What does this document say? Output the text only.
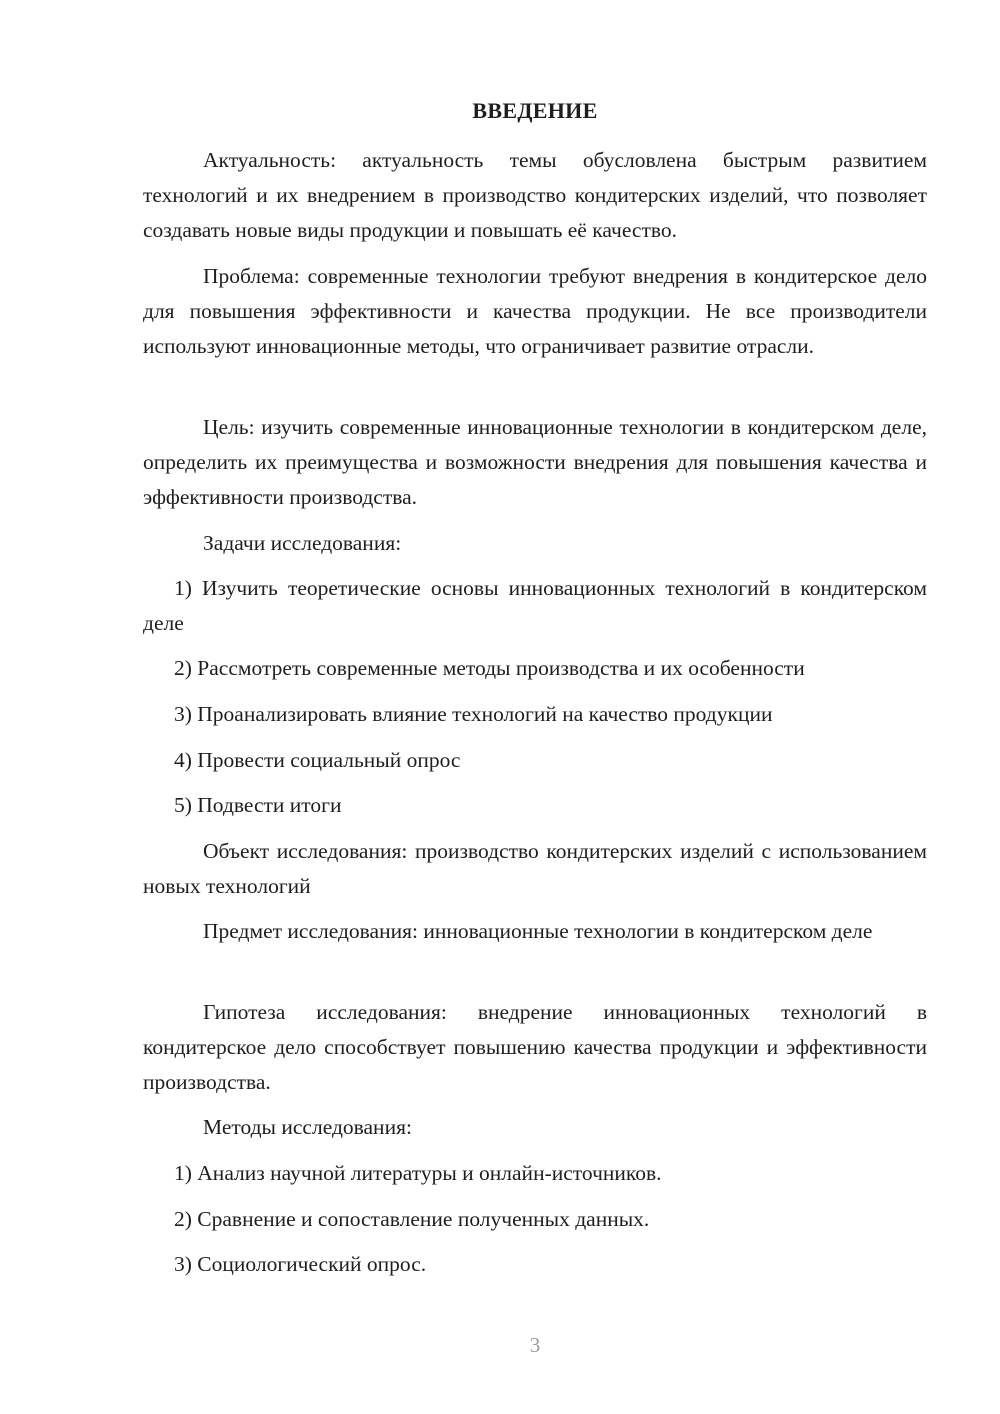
ВВЕДЕНИЕ

Актуальность: актуальность темы обусловлена быстрым развитием технологий и их внедрением в производство кондитерских изделий, что позволяет создавать новые виды продукции и повышать её качество.

Проблема: современные технологии требуют внедрения в кондитерское дело для повышения эффективности и качества продукции. Не все производители используют инновационные методы, что ограничивает развитие отрасли.

Цель: изучить современные инновационные технологии в кондитерском деле, определить их преимущества и возможности внедрения для повышения качества и эффективности производства.

Задачи исследования:

1) Изучить теоретические основы инновационных технологий в кондитерском деле

2) Рассмотреть современные методы производства и их особенности

3) Проанализировать влияние технологий на качество продукции

4) Провести социальный опрос

5) Подвести итоги

Объект исследования: производство кондитерских изделий с использованием новых технологий

Предмет исследования: инновационные технологии в кондитерском деле

Гипотеза исследования: внедрение инновационных технологий в кондитерское дело способствует повышению качества продукции и эффективности производства.

Методы исследования:

1) Анализ научной литературы и онлайн-источников.

2) Сравнение и сопоставление полученных данных.

3) Социологический опрос.

3
